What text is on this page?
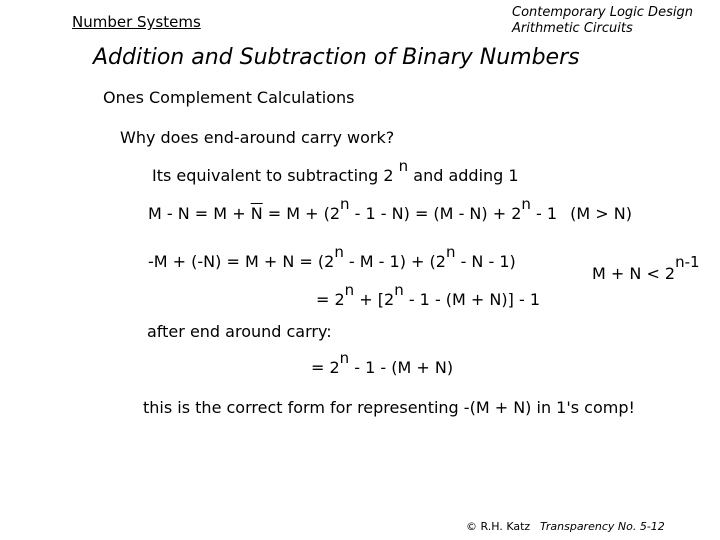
Number Systems
Contemporary Logic Design
Arithmetic Circuits
Addition and Subtraction of Binary Numbers
Ones Complement Calculations
Why does end-around carry work?
Its equivalent to subtracting 2 n and adding 1
$M - N = M + \overline{N} = M + (2n - 1 - N) = (M - N) + 2n - 1$ (M > N)
-M + (-N) = M + N = (2n - M - 1) + (2n - N - 1)
M + N < 2n-1
= 2n + [2n - 1 - (M + N)] - 1
after end around carry:
= 2n - 1 - (M + N)
this is the correct form for representing -(M + N) in 1's comp!
© R.H. Katz Transparency No. 5-12
